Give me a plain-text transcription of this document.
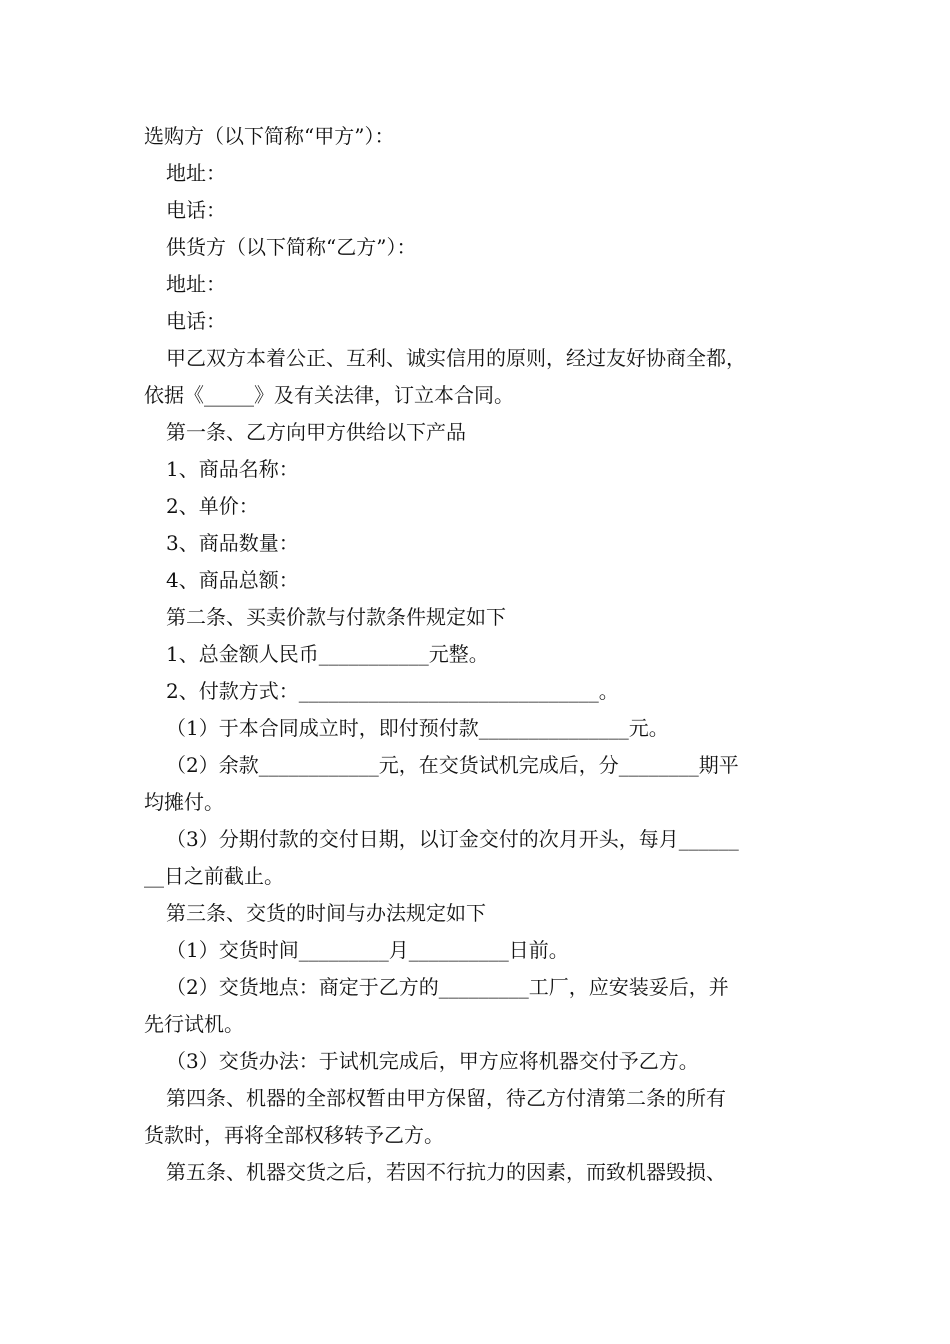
选购方（以下简称“甲方”）：
地址：
电话：
供货方（以下简称“乙方”）：
地址：
电话：
甲乙双方本着公正、互利、诚实信用的原则，经过友好协商全都，
依据《_____》及有关法律，订立本合同。
第一条、乙方向甲方供给以下产品
1、商品名称：
2、单价：
3、商品数量：
4、商品总额：
第二条、买卖价款与付款条件规定如下
1、总金额人民币___________元整。
2、付款方式：______________________________。
（1）于本合同成立时，即付预付款_______________元。
（2）余款____________元，在交货试机完成后，分________期平
均摊付。
（3）分期付款的交付日期，以订金交付的次月开头，每月______
__日之前截止。
第三条、交货的时间与办法规定如下
（1）交货时间_________月__________日前。
（2）交货地点：商定于乙方的_________工厂，应安装妥后，并
先行试机。
（3）交货办法：于试机完成后，甲方应将机器交付予乙方。
第四条、机器的全部权暂由甲方保留，待乙方付清第二条的所有
货款时，再将全部权移转予乙方。
第五条、机器交货之后，若因不行抗力的因素，而致机器毁损、
